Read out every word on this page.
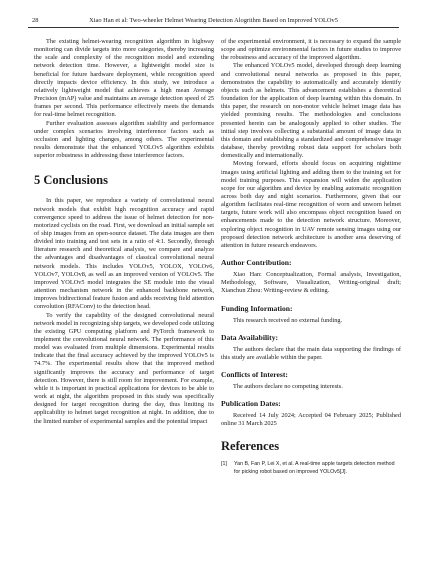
28	Xiao Han et al: Two-wheeler Helmet Wearing Detection Alogrithm Based on Improved YOLOv5

The existing helmet-wearing recognition algorithm in highway monitoring can divide targets into more categories, thereby increasing the scale and complexity of the recognition model and extending network detection time. However, a lightweight model size is beneficial for future hardware deployment, while recognition speed directly impacts device efficiency. In this study, we introduce a relatively lightweight model that achieves a high mean Average Precision (mAP) value and maintains an average detection speed of 25 frames per second. This performance effectively meets the demands for real-time helmet recognition.

Further evaluation assesses algorithm stability and performance under complex scenarios involving interference factors such as occlusion and lighting changes, among others. The experimental results demonstrate that the enhanced YOLOv5 algorithm exhibits superior robustness in addressing these interference factors.

5 Conclusions

In this paper, we reproduce a variety of convolutional neural network models that exhibit high recognition accuracy and rapid convergence speed to address the issue of helmet detection for non-motorized cyclists on the road. First, we download an initial sample set of ship images from an open-source dataset. The data images are then divided into training and test sets in a ratio of 4:1. Secondly, through literature research and theoretical analysis, we compare and analyze the advantages and disadvantages of classical convolutional neural network models. This includes YOLOv5, YOLOX, YOLOv6, YOLOv7, YOLOv8, as well as an improved version of YOLOv5. The improved YOLOv5 model integrates the SE module into the visual attention mechanism network in the enhanced backbone network, improves bidirectional feature fusion and adds receiving field attention convolution (RFAConv) to the detection head.

To verify the capability of the designed convolutional neural network model in recognizing ship targets, we developed code utilizing the existing GPU computing platform and PyTorch framework to implement the convolutional neural network. The performance of this model was evaluated from multiple dimensions. Experimental results indicate that the final accuracy achieved by the improved YOLOv5 is 74.7%. The experimental results show that the improved method significantly improves the accuracy and performance of target detection. However, there is still room for improvement. For example, while it is important in practical applications for devices to be able to work at night, the algorithm proposed in this study was specifically designed for target recognition during the day, thus limiting its applicability to helmet target recognition at night. In addition, due to the limited number of experimental samples and the potential impact

of the experimental environment, it is necessary to expand the sample scope and optimize environmental factors in future studies to improve the robustness and accuracy of the improved algorithm.

The enhanced YOLOv5 model, developed through deep learning and convolutional neural networks as proposed in this paper, demonstrates the capability to automatically and accurately identify objects such as helmets. This advancement establishes a theoretical foundation for the application of deep learning within this domain. In this paper, the research on non-motor vehicle helmet image data has yielded promising results. The methodologies and conclusions presented herein can be analogously applied to other studies. The initial step involves collecting a substantial amount of image data in this domain and establishing a standardized and comprehensive image database, thereby providing robust data support for scholars both domestically and internationally.

Moving forward, efforts should focus on acquiring nighttime images using artificial lighting and adding them to the training set for model training purposes. This expansion will widen the application scope for our algorithm and device by enabling automatic recognition across both day and night scenarios. Furthermore, given that our algorithm facilitates real-time recognition of worn and unworn helmet targets, future work will also encompass object recognition based on enhancements made to the detection network structure. Moreover, exploring object recognition in UAV remote sensing images using our proposed detection network architecture is another area deserving of attention in future research endeavors.

Author Contribution:

Xiao Han: Conceptualization, Formal analysis, Investigation, Methodology, Software, Visualization, Writing-original draft; Xianchun Zhou: Writing-review & editing.

Funding Information:

This research received no external funding.

Data Availability:

The authors declare that the main data supporting the findings of this study are available within the paper.

Conflicts of Interest:

The authors declare no competing interests.

Publication Dates:

Received 14 July 2024; Accepted 04 February 2025; Published online 31 March 2025

References
[1]	Yan B, Fan P, Lei X, et al. A real-time apple targets detection method for picking robot based on improved YOLOv5[J].
